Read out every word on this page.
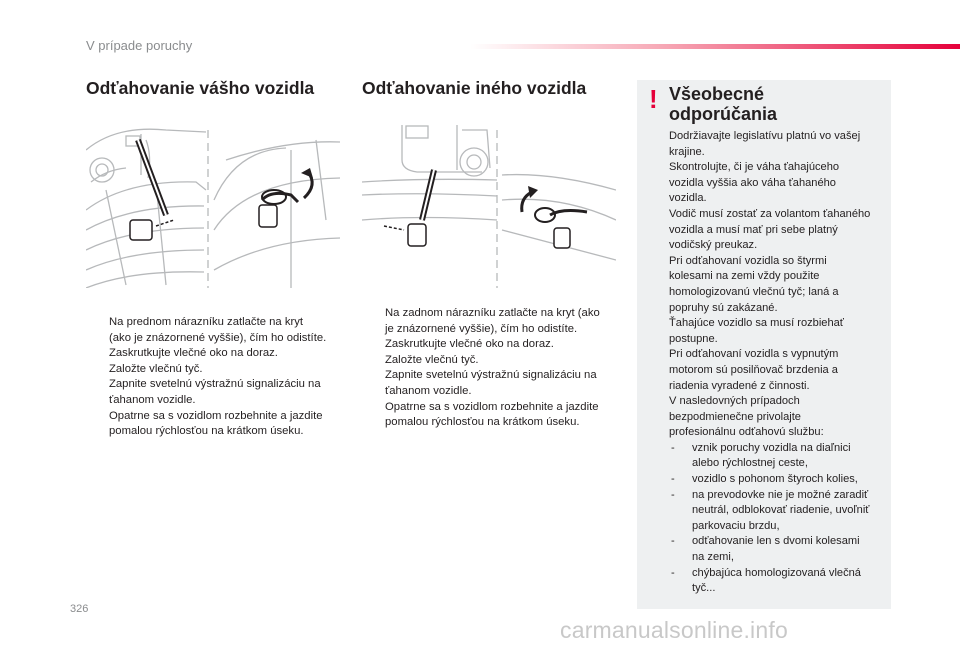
V prípade poruchy
Odťahovanie vášho vozidla
Na prednom nárazníku zatlačte na kryt
(ako je znázornené vyššie), čím ho odistíte.
Zaskrutkujte vlečné oko na doraz.
Založte vlečnú tyč.
Zapnite svetelnú výstražnú signalizáciu na
ťahanom vozidle.
Opatrne sa s vozidlom rozbehnite a jazdite
pomalou rýchlosťou na krátkom úseku.
Odťahovanie iného vozidla
Na zadnom nárazníku zatlačte na kryt (ako
je znázornené vyššie), čím ho odistíte.
Zaskrutkujte vlečné oko na doraz.
Založte vlečnú tyč.
Zapnite svetelnú výstražnú signalizáciu na
ťahanom vozidle.
Opatrne sa s vozidlom rozbehnite a jazdite
pomalou rýchlosťou na krátkom úseku.
! Všeobecné
odporúčania

Dodržiavajte legislatívu platnú vo vašej
krajine.

Skontrolujte, či je váha ťahajúceho
vozidla vyššia ako váha ťahaného
vozidla.

Vodič musí zostať za volantom ťahaného
vozidla a musí mať pri sebe platný
vodičský preukaz.

Pri odťahovaní vozidla so štyrmi
kolesami na zemi vždy použite
homologizovanú vlečnú tyč; laná a
popruhy sú zakázané.

Ťahajúce vozidlo sa musí rozbiehať
postupne.

Pri odťahovaní vozidla s vypnutým
motorom sú posilňovač brzdenia a
riadenia vyradené z činnosti.

V nasledovných prípadoch
bezpodmienečne privolajte
profesionálnu odťahovú službu:

- vznik poruchy vozidla na diaľnici
alebo rýchlostnej ceste,
- vozidlo s pohonom štyroch kolies,
- na prevodovke nie je možné zaradiť
neutrál, odblokovať riadenie, uvoľniť
parkovaciu brzdu,
- odťahovanie len s dvomi kolesami
na zemi,
- chýbajúca homologizovaná vlečná
tyč...
326
carmanualsonline.info
